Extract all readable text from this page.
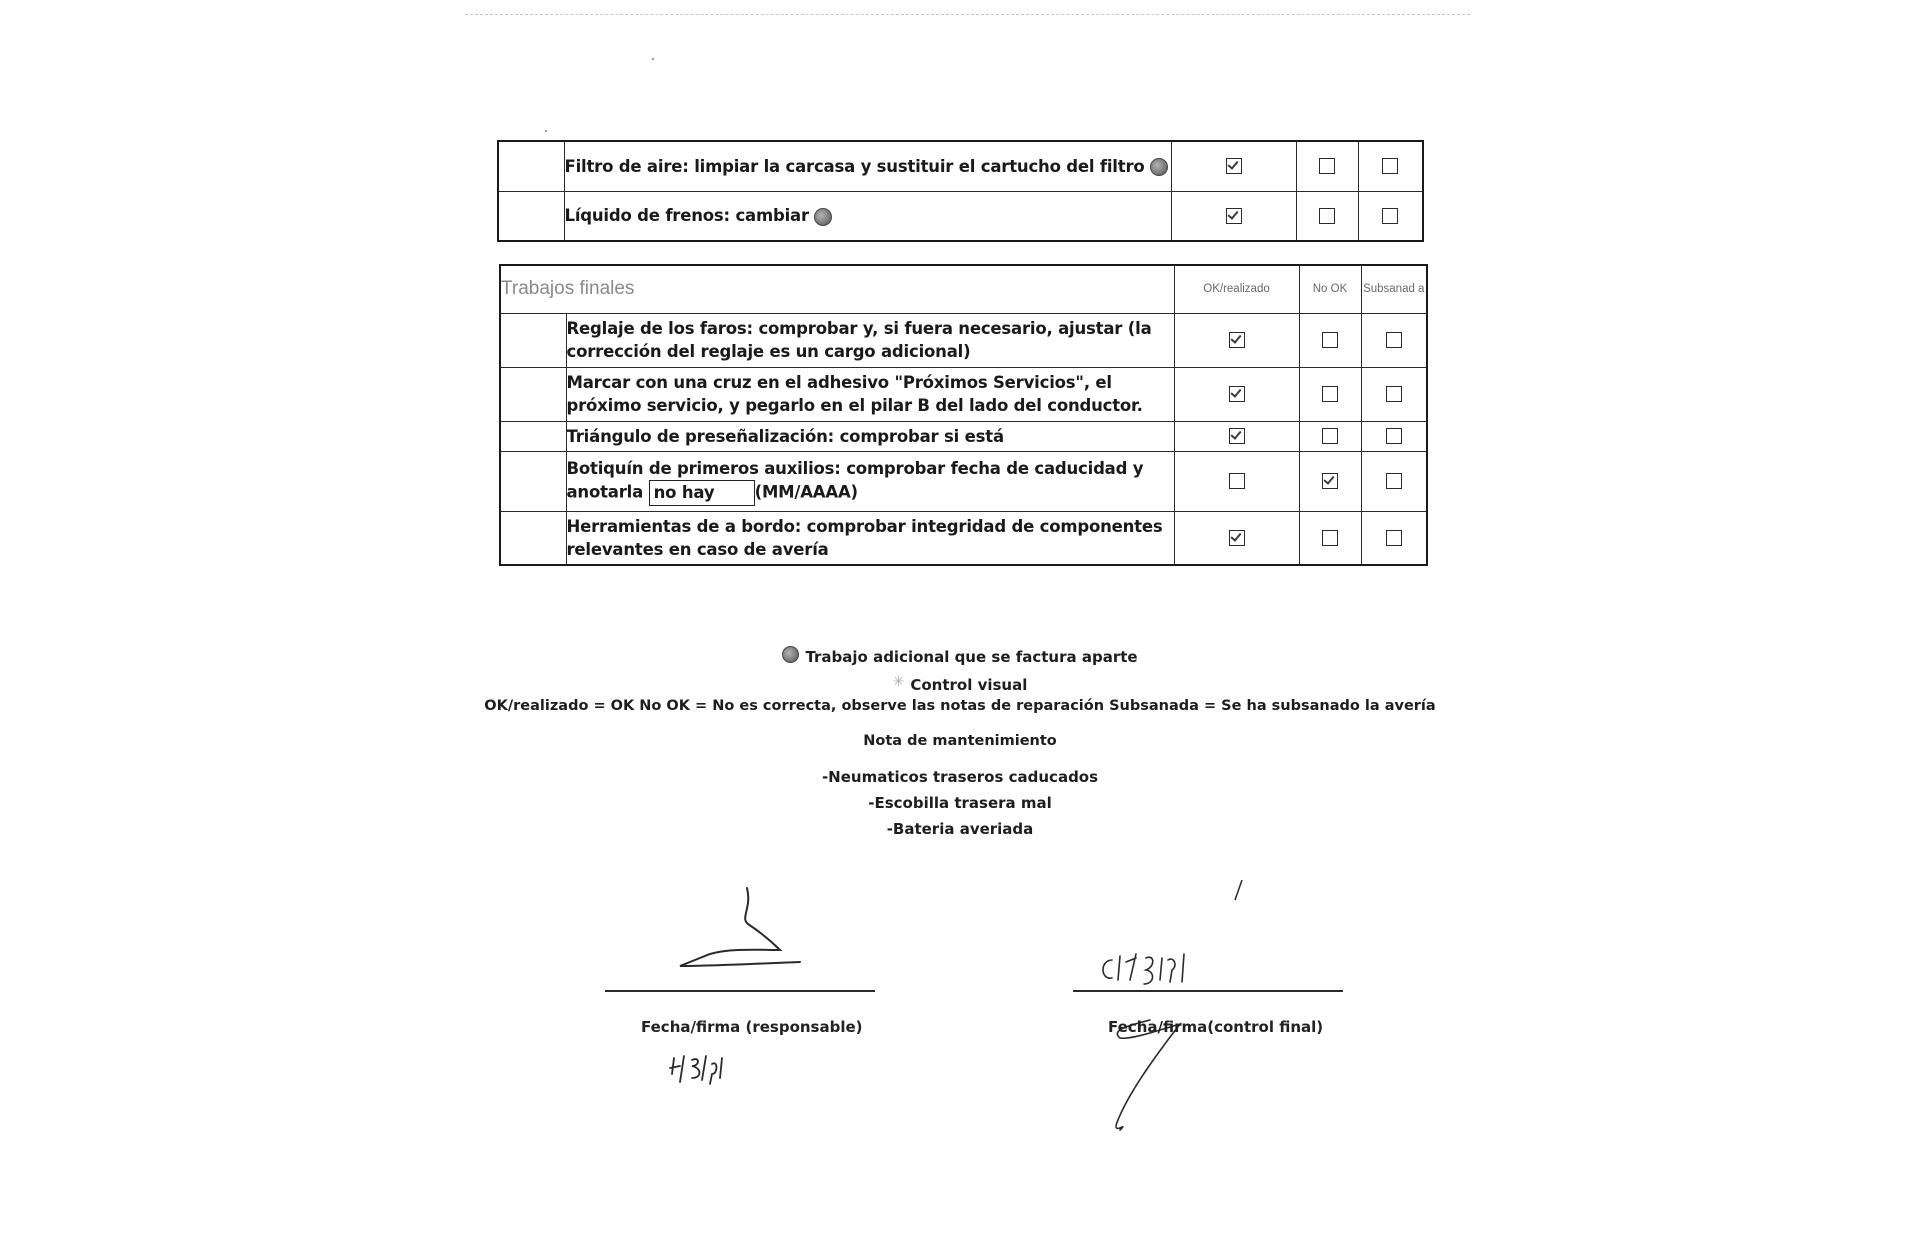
	Filtro de aire: limpiar la carcasa y sustituir el cartucho del filtro			
	Líquido de frenos: cambiar			
Trabajos finales		OK/realizado	No OK	Subsanad a
	Reglaje de los faros: comprobar y, si fuera necesario, ajustar (la corrección del reglaje es un cargo adicional)			
	Marcar con una cruz en el adhesivo "Próximos Servicios", el próximo servicio, y pegarlo en el pilar B del lado del conductor.			
	Triángulo de preseñalización: comprobar si está			
	Botiquín de primeros auxilios: comprobar fecha de caducidad y anotarla no hay (MM/AAAA)			
	Herramientas de a bordo: comprobar integridad de componentes relevantes en caso de avería			
Trabajo adicional que se factura aparte
✳ Control visual
OK/realizado = OK No OK = No es correcta, observe las notas de reparación Subsanada = Se ha subsanado la avería
Nota de mantenimiento
-Neumaticos traseros caducados
-Escobilla trasera mal
-Bateria averiada
Fecha/firma (responsable)	Fecha/firma(control final)
